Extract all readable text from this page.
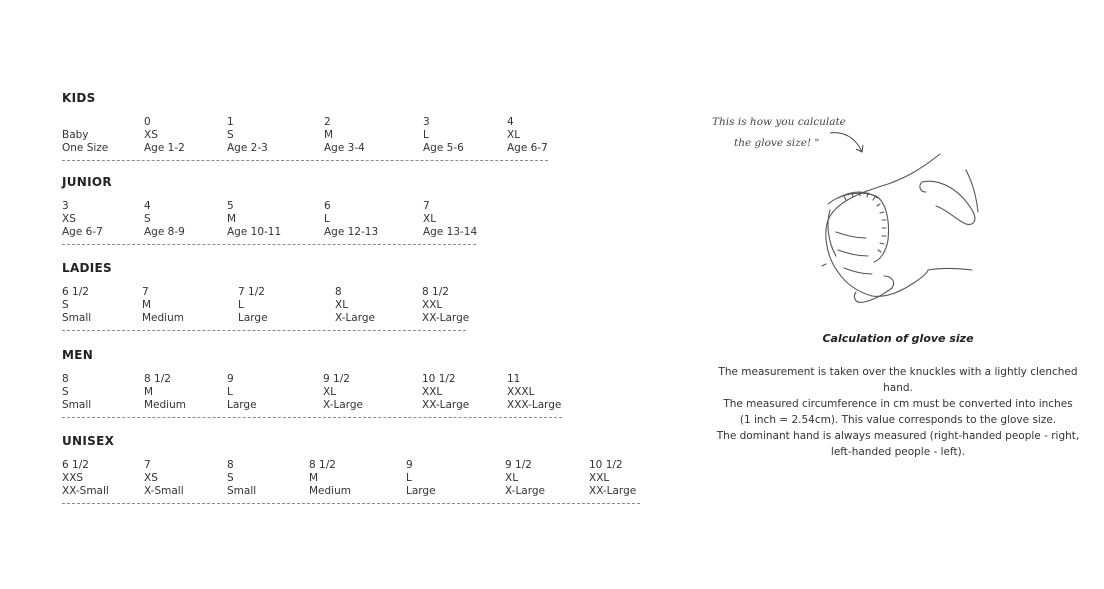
KIDS

Baby
One Size
0
XS
Age 1-2
1
S
Age 2-3
2
M
Age 3-4
3
L
Age 5-6
4
XL
Age 6-7
JUNIOR
3
XS
Age 6-7
4
S
Age 8-9
5
M
Age 10-11
6
L
Age 12-13
7
XL
Age 13-14
LADIES
6 1/2
S
Small
7
M
Medium
7 1/2
L
Large
8
XL
X-Large
8 1/2
XXL
XX-Large
MEN
8
S
Small
8 1/2
M
Medium
9
L
Large
9 1/2
XL
X-Large
10 1/2
XXL
XX-Large
11
XXXL
XXX-Large
UNISEX
6 1/2
XXS
XX-Small
7
XS
X-Small
8
S
Small
8 1/2
M
Medium
9
L
Large
9 1/2
XL
X-Large
10 1/2
XXL
XX-Large
This is how you calculate
the glove size! "
Calculation of glove size
The measurement is taken over the knuckles with a lightly clenched hand.
The measured circumference in cm must be converted into inches
(1 inch = 2.54cm). This value corresponds to the glove size.
The dominant hand is always measured (right-handed people - right,
left-handed people - left).
